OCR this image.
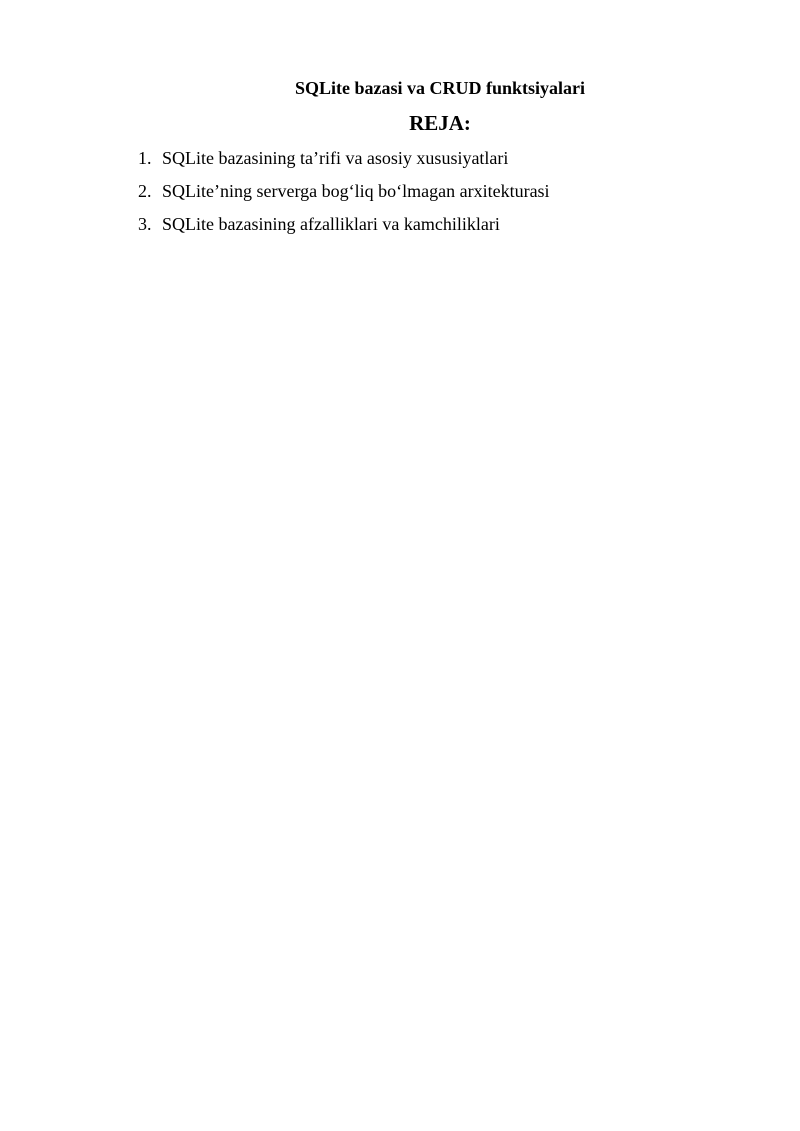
SQLite bazasi va CRUD funktsiyalari
REJA:
1. SQLite bazasining ta’rifi va asosiy xususiyatlari
2. SQLite’ning serverga bog‘liq bo‘lmagan arxitekturasi
3. SQLite bazasining afzalliklari va kamchiliklari
